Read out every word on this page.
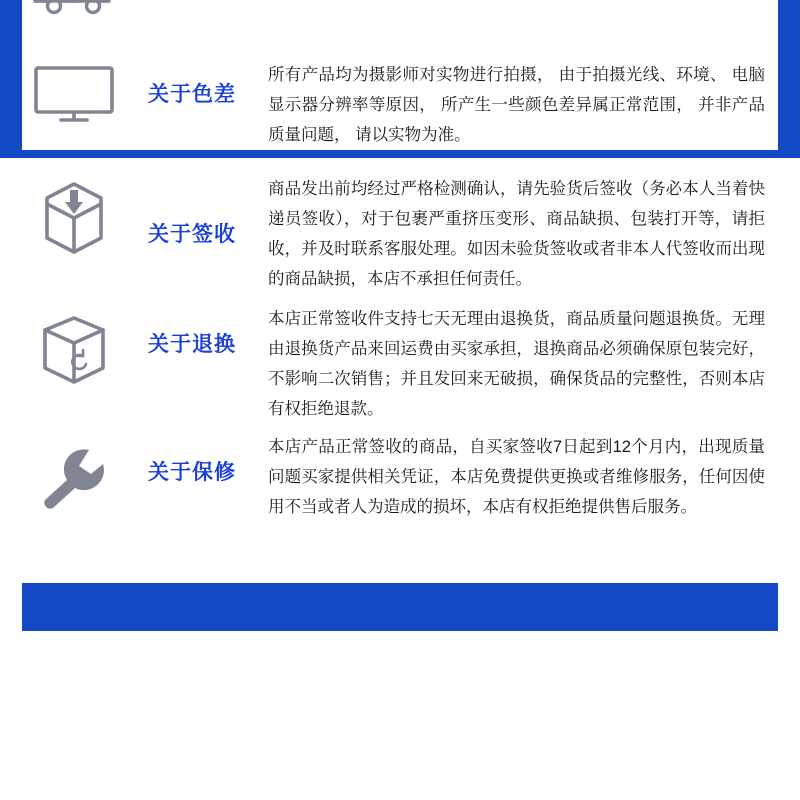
关于色差
所有产品均为摄影师对实物进行拍摄， 由于拍摄光线、环境、 电脑显示器分辨率等原因， 所产生一些颜色差异属正常范围， 并非产品质量问题， 请以实物为准。
关于签收
商品发出前均经过严格检测确认，请先验货后签收（务必本人当着快递员签收），对于包裹严重挤压变形、商品缺损、包装打开等，请拒收，并及时联系客服处理。如因未验货签收或者非本人代签收而出现的商品缺损，本店不承担任何责任。
关于退换
本店正常签收件支持七天无理由退换货，商品质量问题退换货。无理由退换货产品来回运费由买家承担，退换商品必须确保原包装完好，不影响二次销售；并且发回来无破损，确保货品的完整性，否则本店有权拒绝退款。
关于保修
本店产品正常签收的商品，自买家签收7日起到12个月内，出现质量问题买家提供相关凭证，本店免费提供更换或者维修服务，任何因使用不当或者人为造成的损坏，本店有权拒绝提供售后服务。
